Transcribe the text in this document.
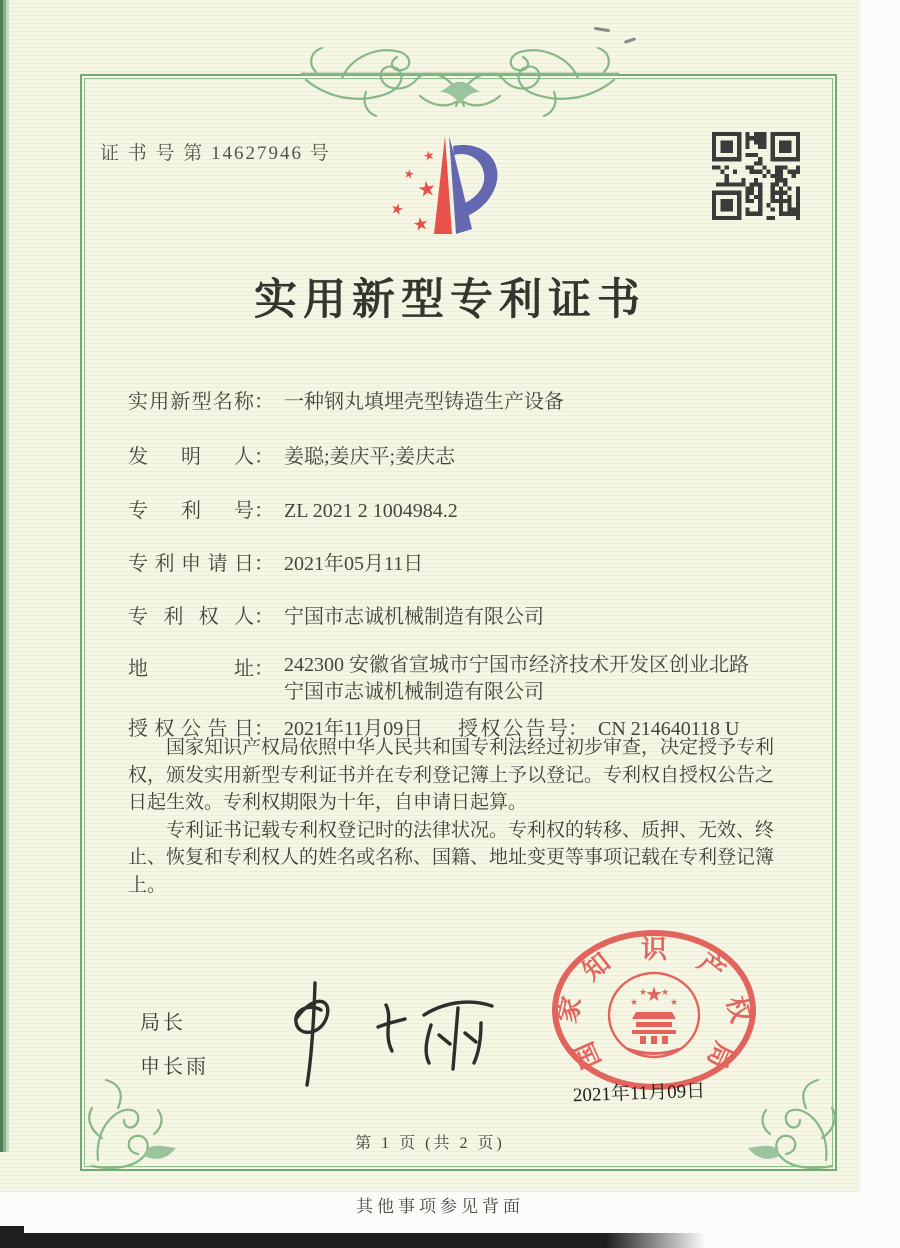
证 书 号 第 14627946 号	★
★
★
★
★
实用新型专利证书
实用新型名称： 一种钢丸填埋壳型铸造生产设备
发明人： 姜聪;姜庆平;姜庆志
专利号： ZL 2021 2 1004984.2
专利申请日： 2021年05月11日
专利权人： 宁国市志诚机械制造有限公司
地址： 242300 安徽省宣城市宁国市经济技术开发区创业北路宁国市志诚机械制造有限公司
授权公告日： 2021年11月09日 授权公告号： CN 214640118 U

国家知识产权局依照中华人民共和国专利法经过初步审查，决定授予专利权，颁发实用新型专利证书并在专利登记簿上予以登记。专利权自授权公告之日起生效。专利权期限为十年，自申请日起算。

专利证书记载专利权登记时的法律状况。专利权的转移、质押、无效、终止、恢复和专利权人的姓名或名称、国籍、地址变更等事项记载在专利登记簿上。

局长
申长雨	国
家
知 识 产
权
局
★
★
★ ★
★
2021年11月09日
第 1 页 (共 2 页)
其他事项参见背面
